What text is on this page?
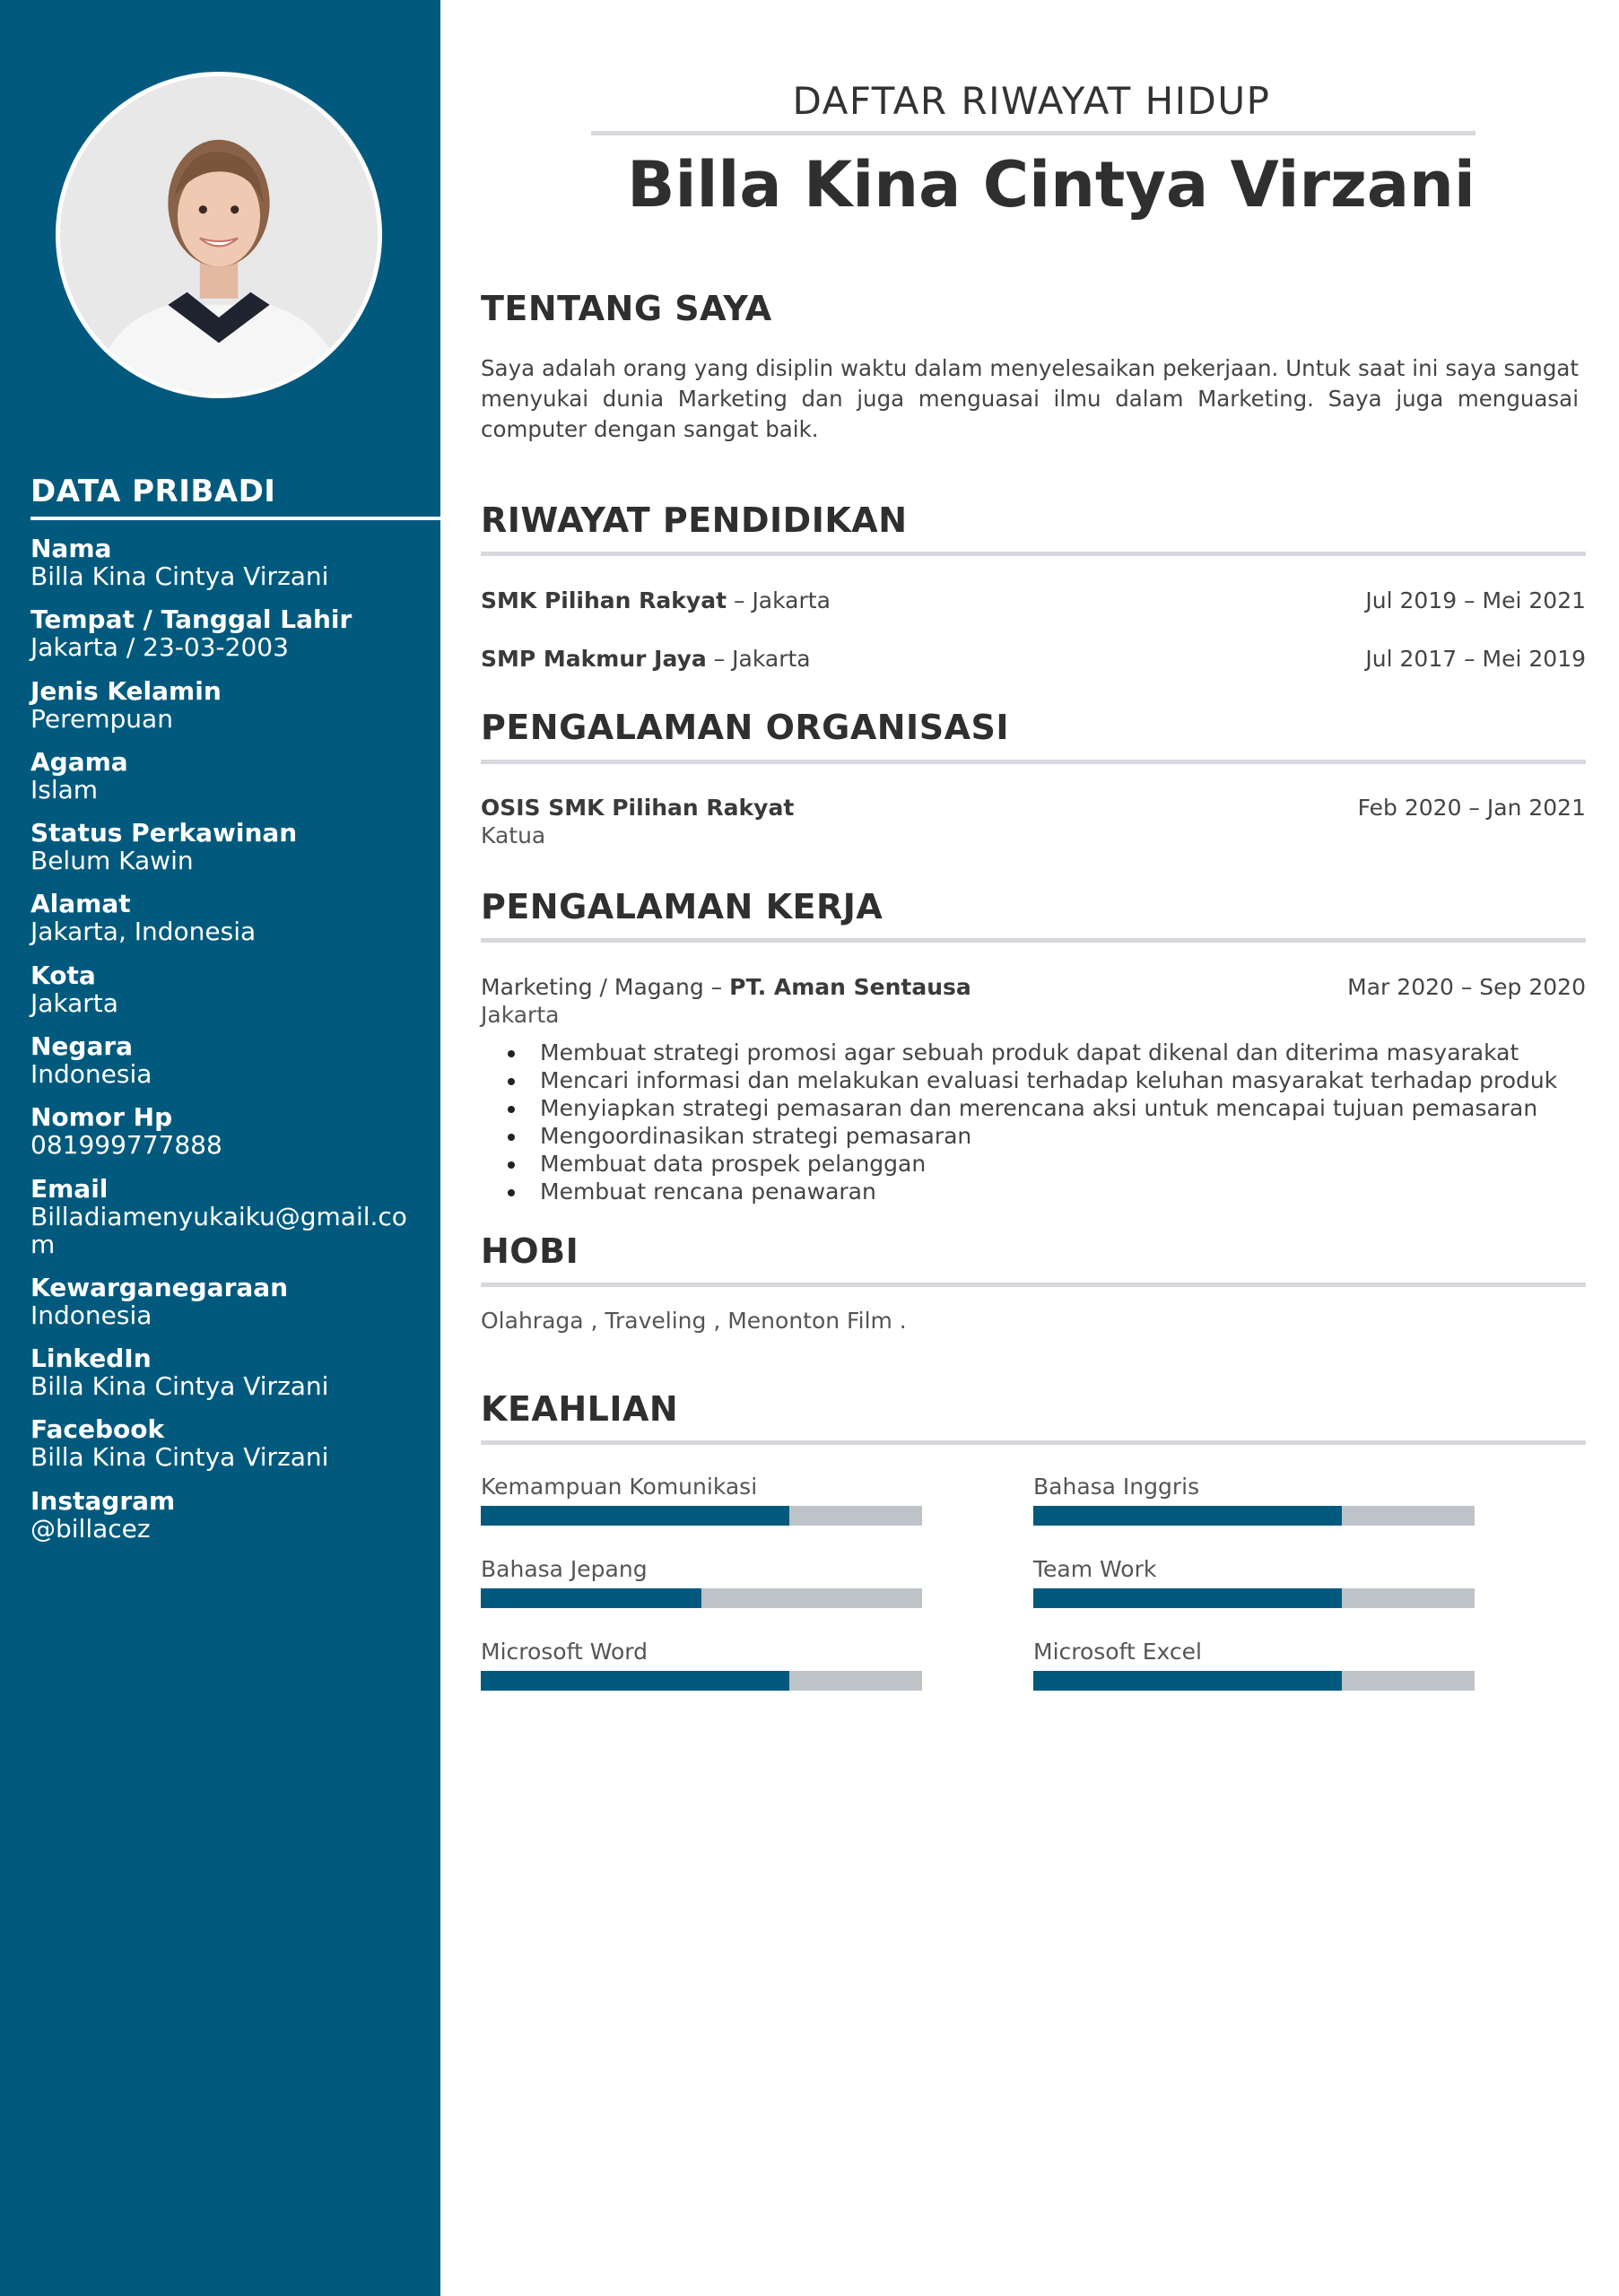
DATA PRIBADI
Nama
Billa Kina Cintya Virzani
Tempat / Tanggal Lahir
Jakarta / 23-03-2003
Jenis Kelamin
Perempuan
Agama
Islam
Status Perkawinan
Belum Kawin
Alamat
Jakarta, Indonesia
Kota
Jakarta
Negara
Indonesia
Nomor Hp
081999777888
Email
Billadiamenyukaiku@gmail.com
Kewarganegaraan
Indonesia
LinkedIn
Billa Kina Cintya Virzani
Facebook
Billa Kina Cintya Virzani
Instagram
@billacez
DAFTAR RIWAYAT HIDUP
Billa Kina Cintya Virzani
TENTANG SAYA
Saya adalah orang yang disiplin waktu dalam menyelesaikan pekerjaan. Untuk saat ini saya sangat menyukai dunia Marketing dan juga menguasai ilmu dalam Marketing. Saya juga menguasai computer dengan sangat baik.
RIWAYAT PENDIDIKAN
SMK Pilihan Rakyat – Jakarta	Jul 2019 – Mei 2021
SMP Makmur Jaya – Jakarta	Jul 2017 – Mei 2019
PENGALAMAN ORGANISASI
OSIS SMK Pilihan Rakyat	Feb 2020 – Jan 2021
Katua
PENGALAMAN KERJA
Marketing / Magang – PT. Aman Sentausa	Mar 2020 – Sep 2020
Jakarta
Membuat strategi promosi agar sebuah produk dapat dikenal dan diterima masyarakat
Mencari informasi dan melakukan evaluasi terhadap keluhan masyarakat terhadap produk
Menyiapkan strategi pemasaran dan merencana aksi untuk mencapai tujuan pemasaran
Mengoordinasikan strategi pemasaran
Membuat data prospek pelanggan
Membuat rencana penawaran
HOBI
Olahraga , Traveling , Menonton Film .
KEAHLIAN
Kemampuan Komunikasi	Bahasa Inggris
Bahasa Jepang	Team Work
Microsoft Word	Microsoft Excel
